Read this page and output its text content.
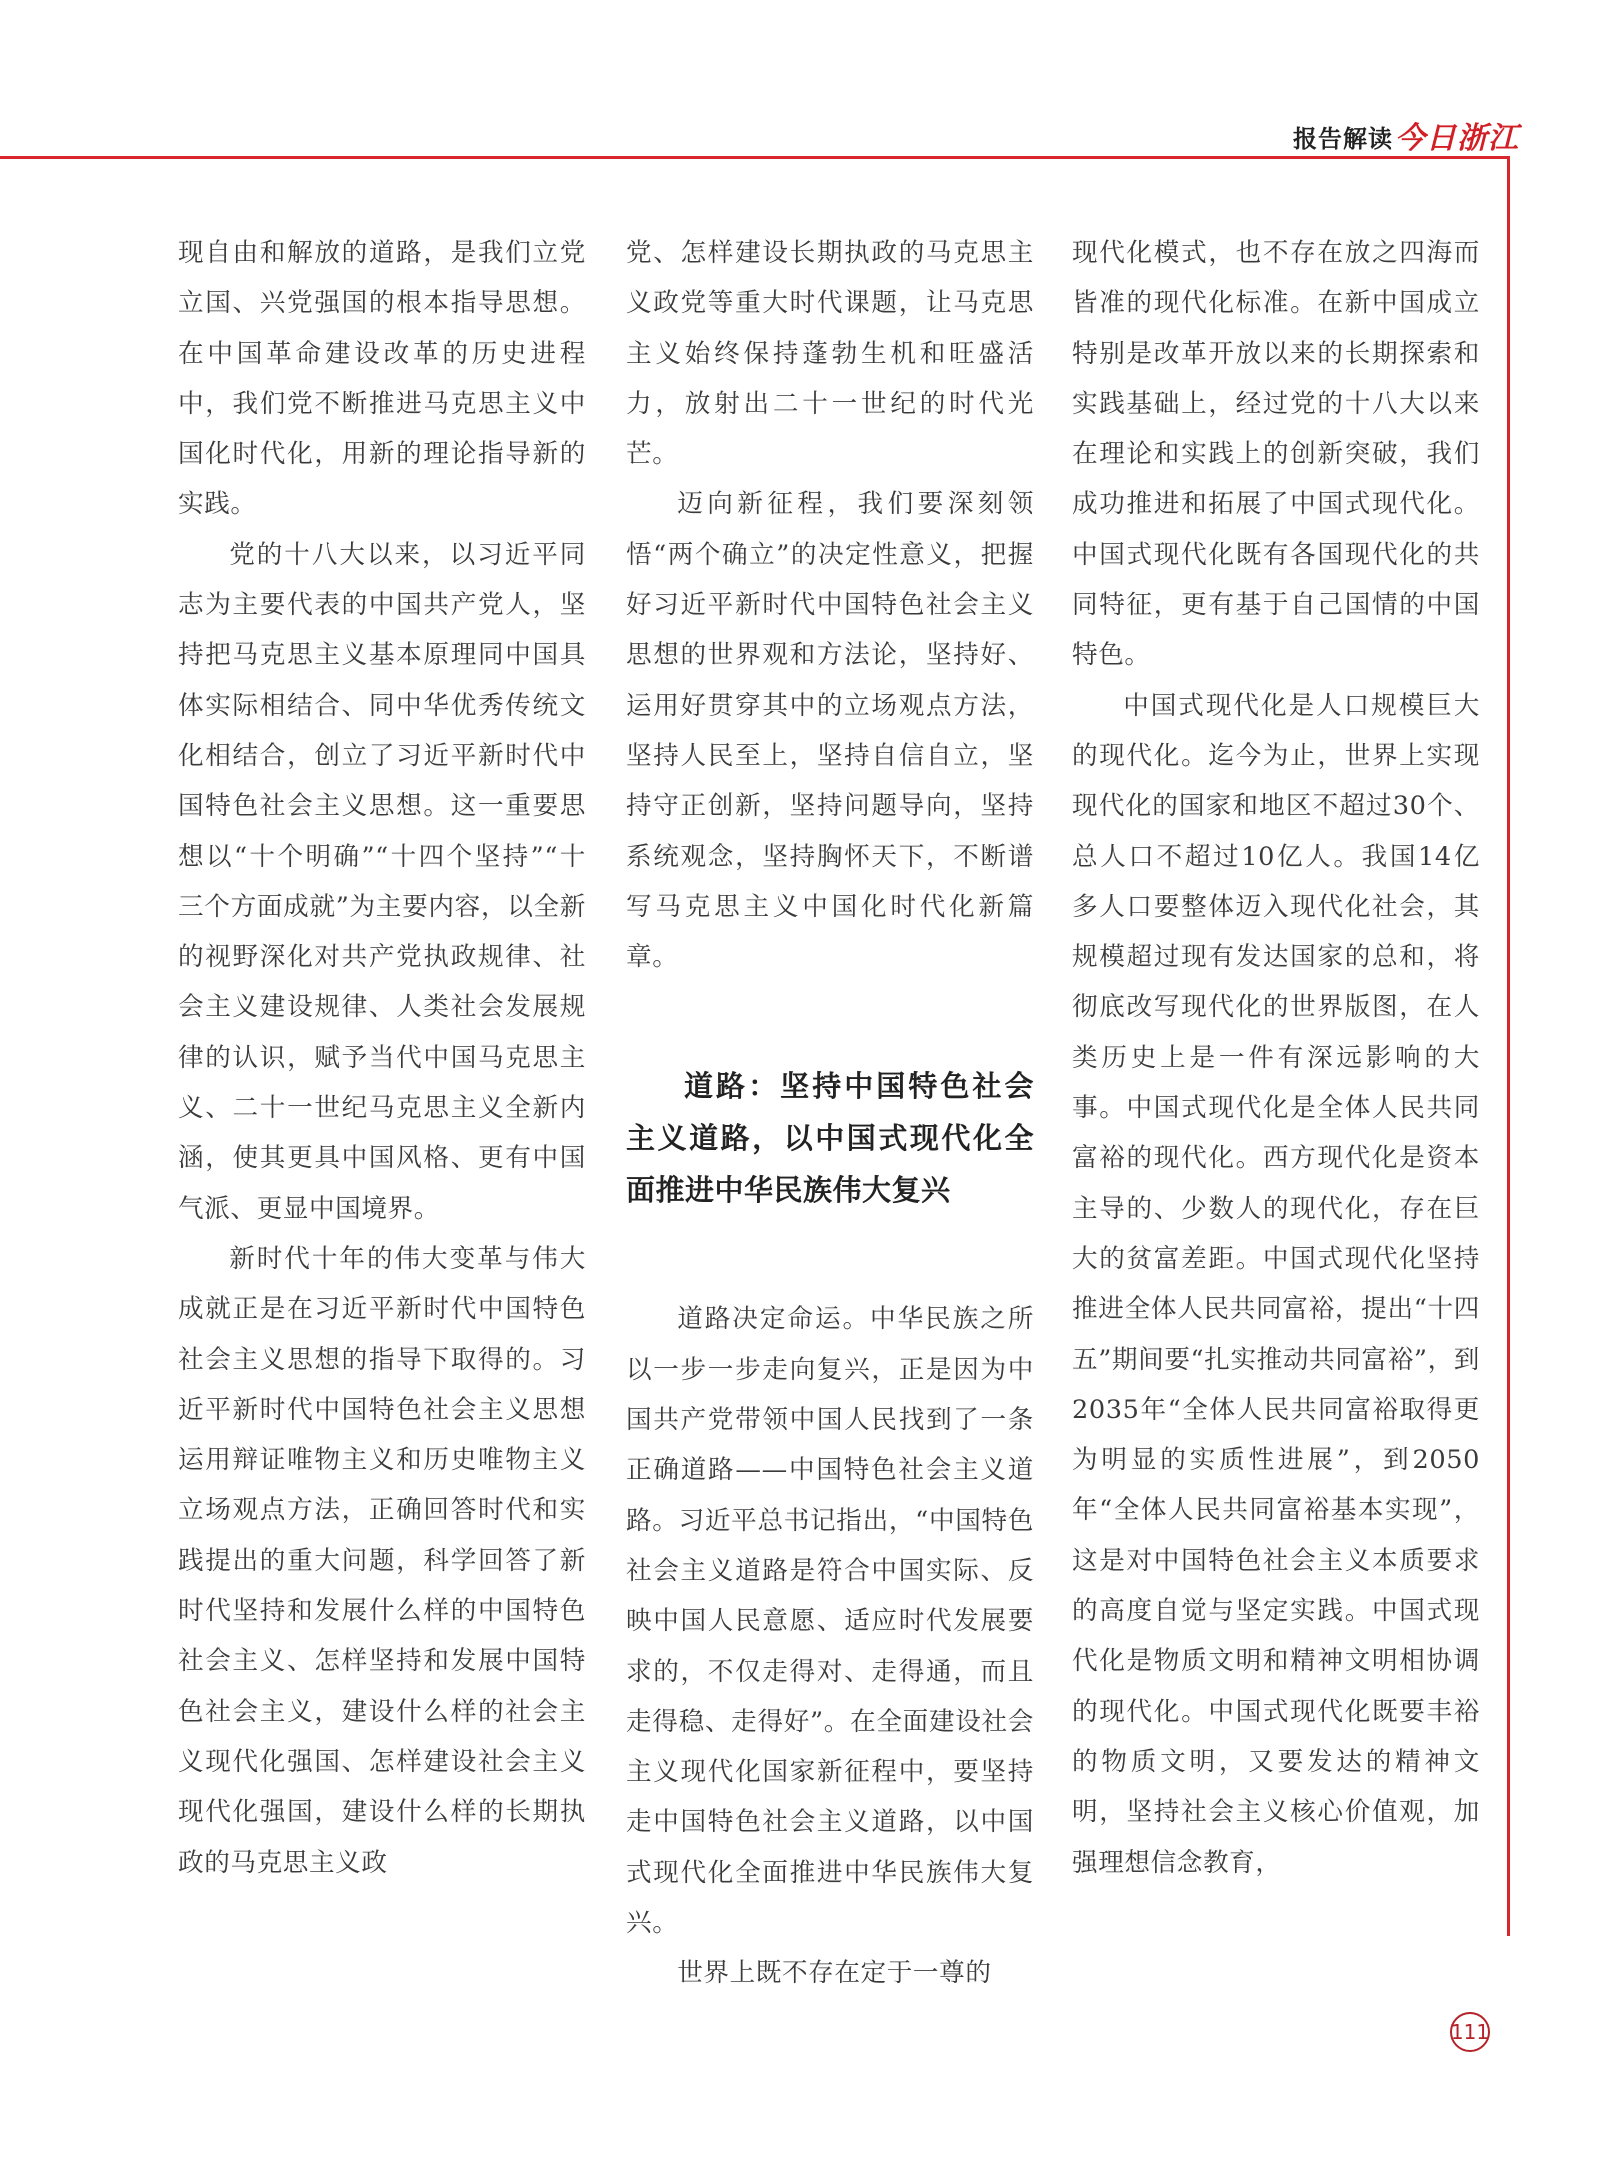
报告解读 今日浙江

现自由和解放的道路，是我们立党立国、兴党强国的根本指导思想。在中国革命建设改革的历史进程中，我们党不断推进马克思主义中国化时代化，用新的理论指导新的实践。

党的十八大以来，以习近平同志为主要代表的中国共产党人，坚持把马克思主义基本原理同中国具体实际相结合、同中华优秀传统文化相结合，创立了习近平新时代中国特色社会主义思想。这一重要思想以“十个明确”“十四个坚持”“十三个方面成就”为主要内容，以全新的视野深化对共产党执政规律、社会主义建设规律、人类社会发展规律的认识，赋予当代中国马克思主义、二十一世纪马克思主义全新内涵，使其更具中国风格、更有中国气派、更显中国境界。

新时代十年的伟大变革与伟大成就正是在习近平新时代中国特色社会主义思想的指导下取得的。习近平新时代中国特色社会主义思想运用辩证唯物主义和历史唯物主义立场观点方法，正确回答时代和实践提出的重大问题，科学回答了新时代坚持和发展什么样的中国特色社会主义、怎样坚持和发展中国特色社会主义，建设什么样的社会主义现代化强国、怎样建设社会主义现代化强国，建设什么样的长期执政的马克思主义政

党、怎样建设长期执政的马克思主义政党等重大时代课题，让马克思主义始终保持蓬勃生机和旺盛活力，放射出二十一世纪的时代光芒。

迈向新征程，我们要深刻领悟“两个确立”的决定性意义，把握好习近平新时代中国特色社会主义思想的世界观和方法论，坚持好、运用好贯穿其中的立场观点方法，坚持人民至上，坚持自信自立，坚持守正创新，坚持问题导向，坚持系统观念，坚持胸怀天下，不断谱写马克思主义中国化时代化新篇章。

道路：坚持中国特色社会主义道路，以中国式现代化全面推进中华民族伟大复兴

道路决定命运。中华民族之所以一步一步走向复兴，正是因为中国共产党带领中国人民找到了一条正确道路——中国特色社会主义道路。习近平总书记指出，“中国特色社会主义道路是符合中国实际、反映中国人民意愿、适应时代发展要求的，不仅走得对、走得通，而且走得稳、走得好”。在全面建设社会主义现代化国家新征程中，要坚持走中国特色社会主义道路，以中国式现代化全面推进中华民族伟大复兴。

世界上既不存在定于一尊的

现代化模式，也不存在放之四海而皆准的现代化标准。在新中国成立特别是改革开放以来的长期探索和实践基础上，经过党的十八大以来在理论和实践上的创新突破，我们成功推进和拓展了中国式现代化。中国式现代化既有各国现代化的共同特征，更有基于自己国情的中国特色。

中国式现代化是人口规模巨大的现代化。迄今为止，世界上实现现代化的国家和地区不超过30个、总人口不超过10亿人。我国14亿多人口要整体迈入现代化社会，其规模超过现有发达国家的总和，将彻底改写现代化的世界版图，在人类历史上是一件有深远影响的大事。中国式现代化是全体人民共同富裕的现代化。西方现代化是资本主导的、少数人的现代化，存在巨大的贫富差距。中国式现代化坚持推进全体人民共同富裕，提出“十四五”期间要“扎实推动共同富裕”，到2035年“全体人民共同富裕取得更为明显的实质性进展”，到2050年“全体人民共同富裕基本实现”，这是对中国特色社会主义本质要求的高度自觉与坚定实践。中国式现代化是物质文明和精神文明相协调的现代化。中国式现代化既要丰裕的物质文明，又要发达的精神文明，坚持社会主义核心价值观，加强理想信念教育，

111
